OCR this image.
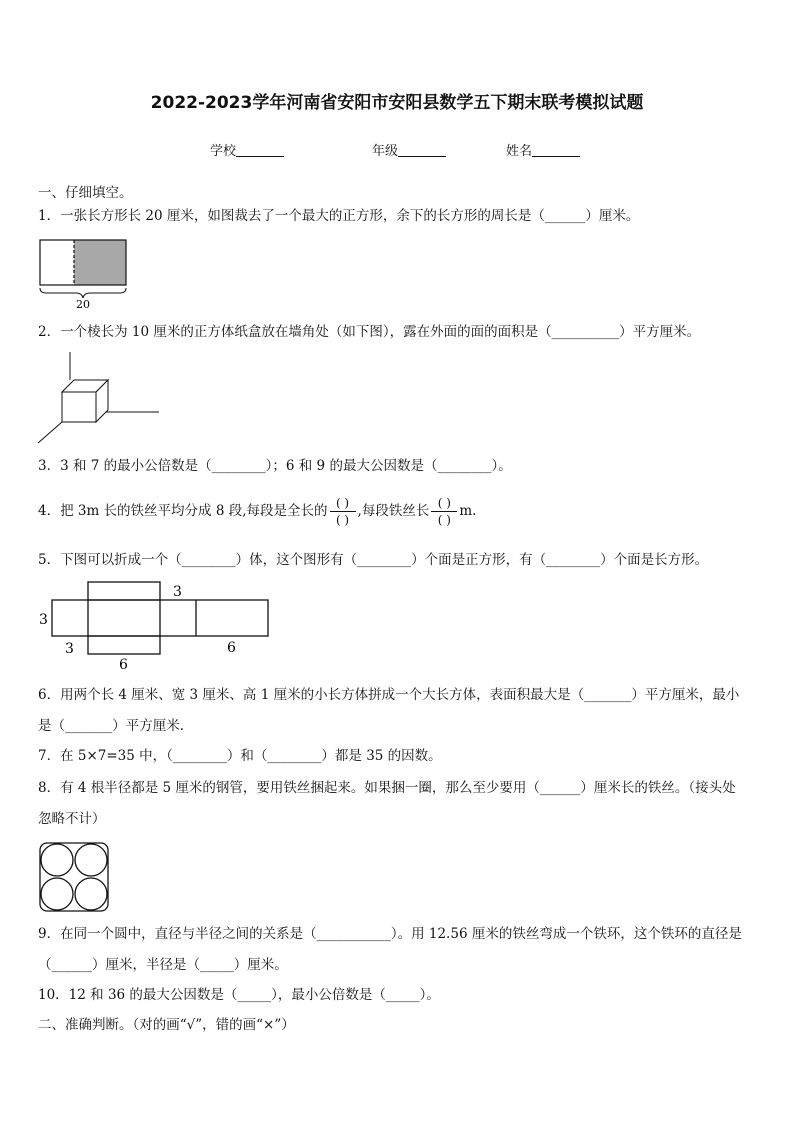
2022-2023学年河南省安阳市安阳县数学五下期末联考模拟试题
学校	年级	姓名
一、仔细填空。
1．一张长方形长 20 厘米，如图裁去了一个最大的正方形，余下的长方形的周长是（______）厘米。
20
2．一个棱长为 10 厘米的正方体纸盒放在墙角处（如下图），露在外面的面的面积是（__________）平方厘米。
3．3 和 7 的最小公倍数是（________）；6 和 9 的最大公因数是（________）。
4．把 3m 长的铁丝平均分成 8 段,每段是全长的 $\frac{( )}{( )}$ ,每段铁丝长 $\frac{( )}{( )} m$.
5．下图可以折成一个（________）体，这个图形有（________）个面是正方形，有（________）个面是长方形。
3
3
3
6
6
6．用两个长 4 厘米、宽 3 厘米、高 1 厘米的小长方体拼成一个大长方体，表面积最大是（_______）平方厘米，最小
是（_______）平方厘米.
7．在 5×7=35 中，（________）和（________）都是 35 的因数。
8．有 4 根半径都是 5 厘米的钢管，要用铁丝捆起来。如果捆一圈，那么至少要用（______）厘米长的铁丝。（接头处
忽略不计）
9．在同一个圆中，直径与半径之间的关系是（___________）。用 12.56 厘米的铁丝弯成一个铁环，这个铁环的直径是
（______）厘米，半径是（_____）厘米。
10．12 和 36 的最大公因数是（_____），最小公倍数是（_____）。
二、准确判断。（对的画“√”，错的画“×”）
